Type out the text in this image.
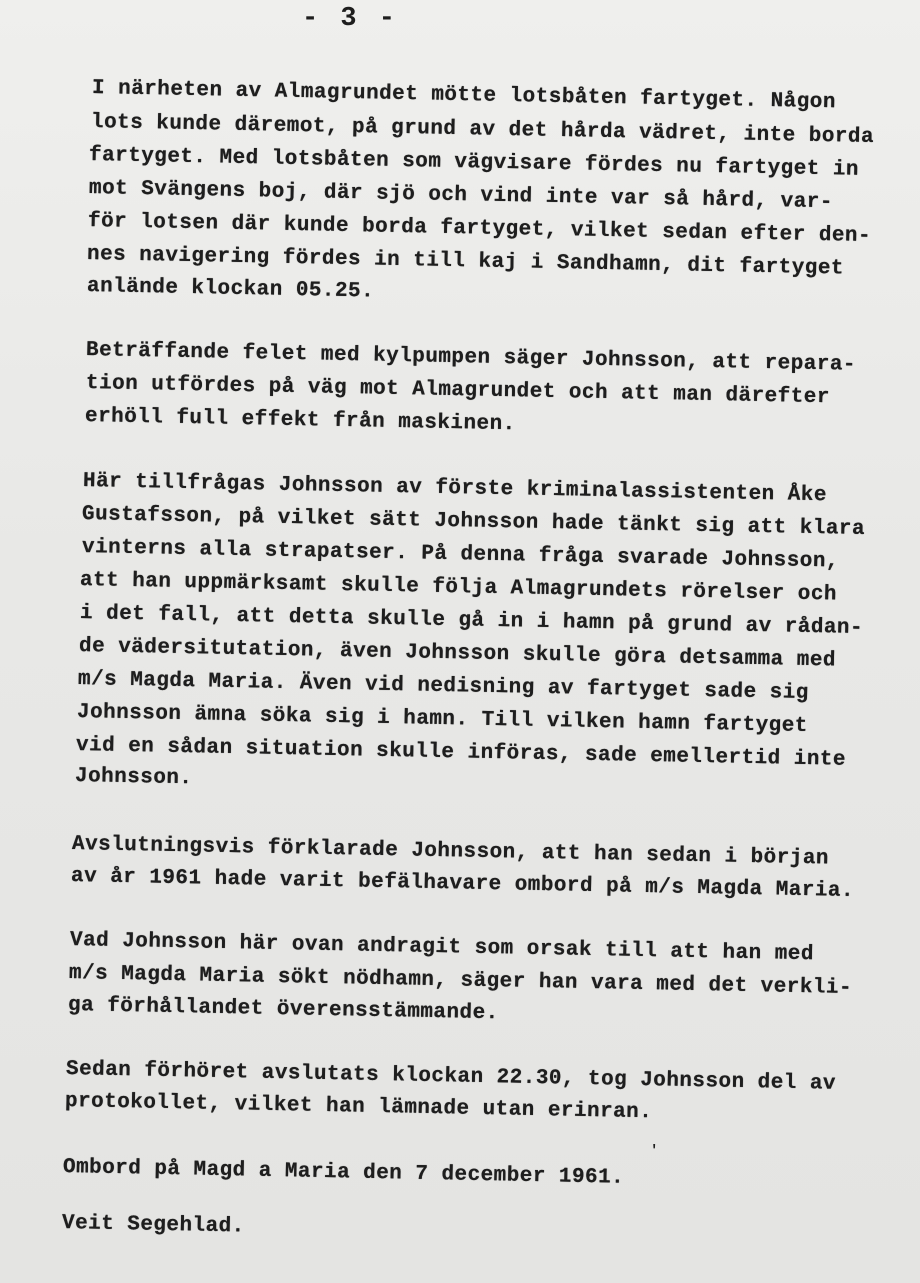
- 3 -
I närheten av Almagrundet mötte lotsbåten fartyget. Någon
lots kunde däremot, på grund av det hårda vädret, inte borda
fartyget. Med lotsbåten som vägvisare fördes nu fartyget in
mot Svängens boj, där sjö och vind inte var så hård, var-
för lotsen där kunde borda fartyget, vilket sedan efter den-
nes navigering fördes in till kaj i Sandhamn, dit fartyget
anlände klockan 05.25.
Beträffande felet med kylpumpen säger Johnsson, att repara-
tion utfördes på väg mot Almagrundet och att man därefter
erhöll full effekt från maskinen.
Här tillfrågas Johnsson av förste kriminalassistenten Åke
Gustafsson, på vilket sätt Johnsson hade tänkt sig att klara
vinterns alla strapatser. På denna fråga svarade Johnsson,
att han uppmärksamt skulle följa Almagrundets rörelser och
i det fall, att detta skulle gå in i hamn på grund av rådan-
de vädersitutation, även Johnsson skulle göra detsamma med
m/s Magda Maria. Även vid nedisning av fartyget sade sig
Johnsson ämna söka sig i hamn. Till vilken hamn fartyget
vid en sådan situation skulle införas, sade emellertid inte
Johnsson.
Avslutningsvis förklarade Johnsson, att han sedan i början
av år 1961 hade varit befälhavare ombord på m/s Magda Maria.
Vad Johnsson här ovan andragit som orsak till att han med
m/s Magda Maria sökt nödhamn, säger han vara med det verkli-
ga förhållandet överensstämmande.
Sedan förhöret avslutats klockan 22.30, tog Johnsson del av
protokollet, vilket han lämnade utan erinran.
'
Ombord på Magd a Maria den 7 december 1961.
Veit Segehlad.
